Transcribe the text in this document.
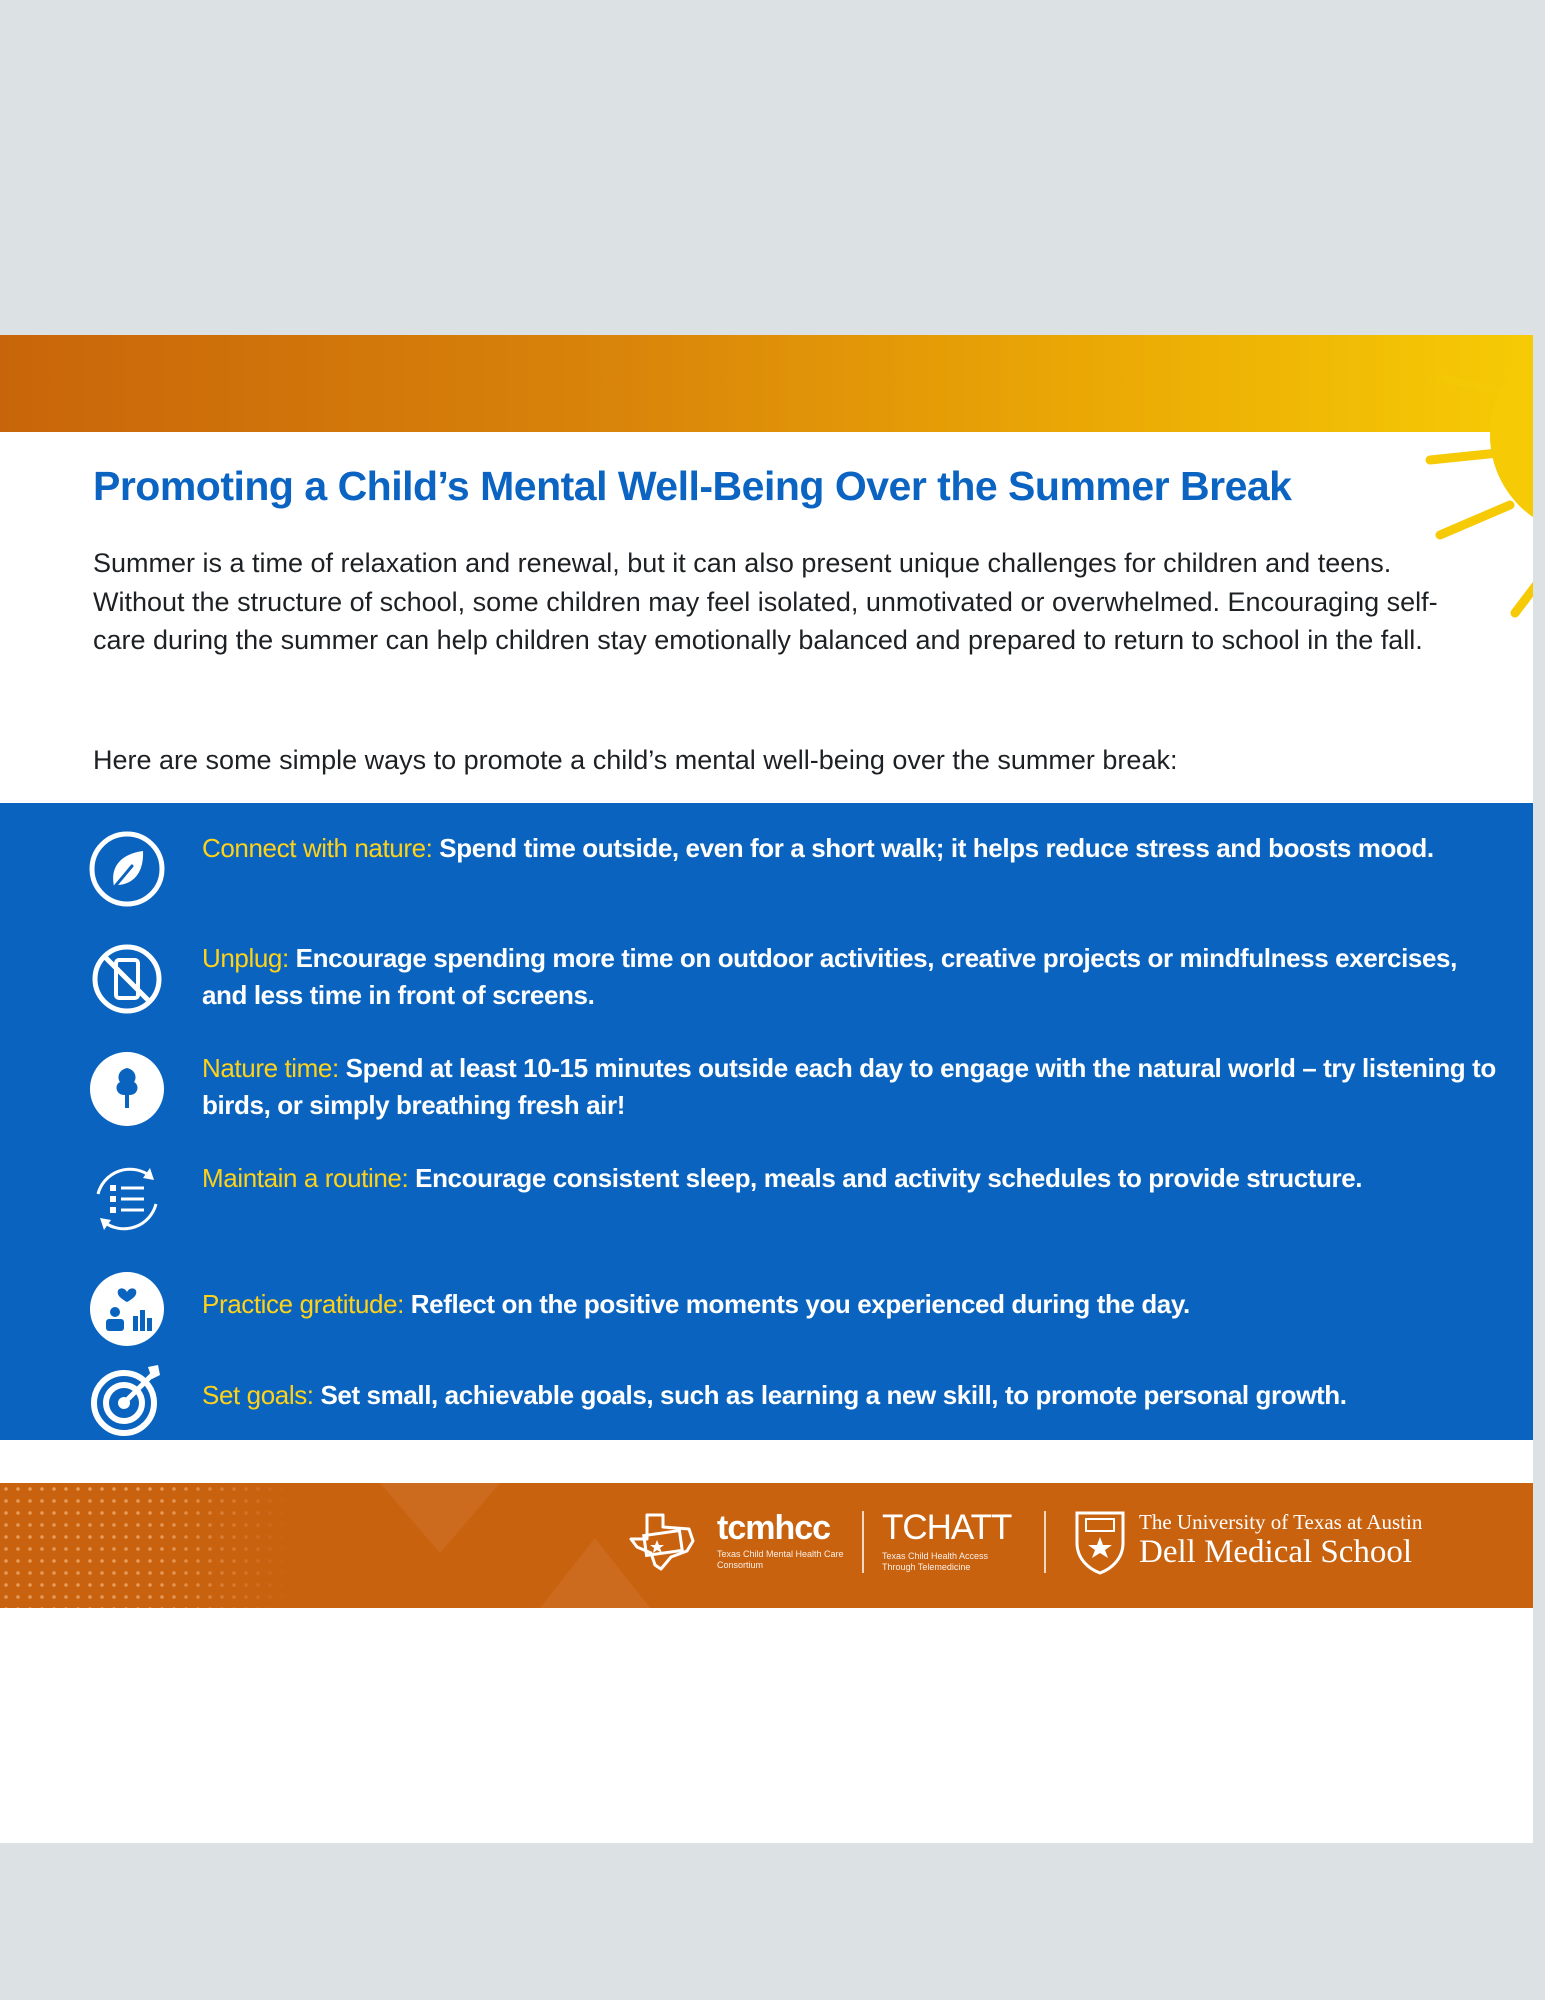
Promoting a Child’s Mental Well-Being Over the Summer Break

Summer is a time of relaxation and renewal, but it can also present unique challenges for children and teens. Without the structure of school, some children may feel isolated, unmotivated or overwhelmed. Encouraging self-care during the summer can help children stay emotionally balanced and prepared to return to school in the fall.

Here are some simple ways to promote a child’s mental well-being over the summer break:

Connect with nature: Spend time outside, even for a short walk; it helps reduce stress and boosts mood.

Unplug: Encourage spending more time on outdoor activities, creative projects or mindfulness exercises, and less time in front of screens.

Nature time: Spend at least 10-15 minutes outside each day to engage with the natural world – try listening to birds, or simply breathing fresh air!

Maintain a routine: Encourage consistent sleep, meals and activity schedules to provide structure.

Practice gratitude: Reflect on the positive moments you experienced during the day.

Set goals: Set small, achievable goals, such as learning a new skill, to promote personal growth.

tcmhcc
Texas Child Mental Health Care Consortium
TCHATT
Texas Child Health Access Through Telemedicine
The University of Texas at Austin
Dell Medical School
